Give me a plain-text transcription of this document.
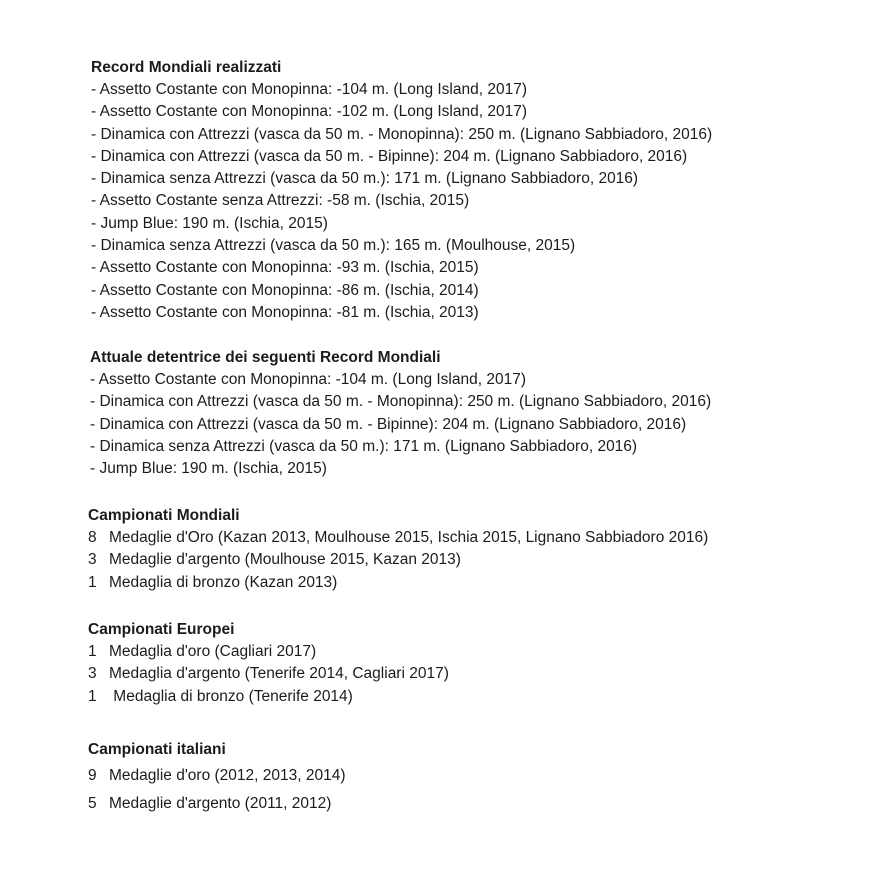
Record Mondiali realizzati
- Assetto Costante con Monopinna: -104 m. (Long Island, 2017)
- Assetto Costante con Monopinna: -102 m. (Long Island, 2017)
- Dinamica con Attrezzi (vasca da 50 m. - Monopinna): 250 m. (Lignano Sabbiadoro, 2016)
- Dinamica con Attrezzi (vasca da 50 m. - Bipinne): 204 m. (Lignano Sabbiadoro, 2016)
- Dinamica senza Attrezzi (vasca da 50 m.): 171 m. (Lignano Sabbiadoro, 2016)
- Assetto Costante senza Attrezzi: -58 m. (Ischia, 2015)
- Jump Blue: 190 m. (Ischia, 2015)
- Dinamica senza Attrezzi (vasca da 50 m.): 165 m. (Moulhouse, 2015)
- Assetto Costante con Monopinna: -93 m. (Ischia, 2015)
- Assetto Costante con Monopinna: -86 m. (Ischia, 2014)
- Assetto Costante con Monopinna: -81 m. (Ischia, 2013)
Attuale detentrice dei seguenti Record Mondiali
- Assetto Costante con Monopinna: -104 m. (Long Island, 2017)
- Dinamica con Attrezzi (vasca da 50 m. - Monopinna): 250 m. (Lignano Sabbiadoro, 2016)
- Dinamica con Attrezzi (vasca da 50 m. - Bipinne): 204 m. (Lignano Sabbiadoro, 2016)
- Dinamica senza Attrezzi (vasca da 50 m.): 171 m. (Lignano Sabbiadoro, 2016)
- Jump Blue: 190 m. (Ischia, 2015)
Campionati Mondiali
8 Medaglie d'Oro (Kazan 2013, Moulhouse 2015, Ischia 2015, Lignano Sabbiadoro 2016)
3 Medaglie d'argento (Moulhouse 2015, Kazan 2013)
1 Medaglia di bronzo (Kazan 2013)
Campionati Europei
1 Medaglia d'oro (Cagliari 2017)
3 Medaglia d'argento (Tenerife 2014, Cagliari 2017)
1 Medaglia di bronzo (Tenerife 2014)
Campionati italiani
9 Medaglie d'oro (2012, 2013, 2014)
5 Medaglie d'argento (2011, 2012)
